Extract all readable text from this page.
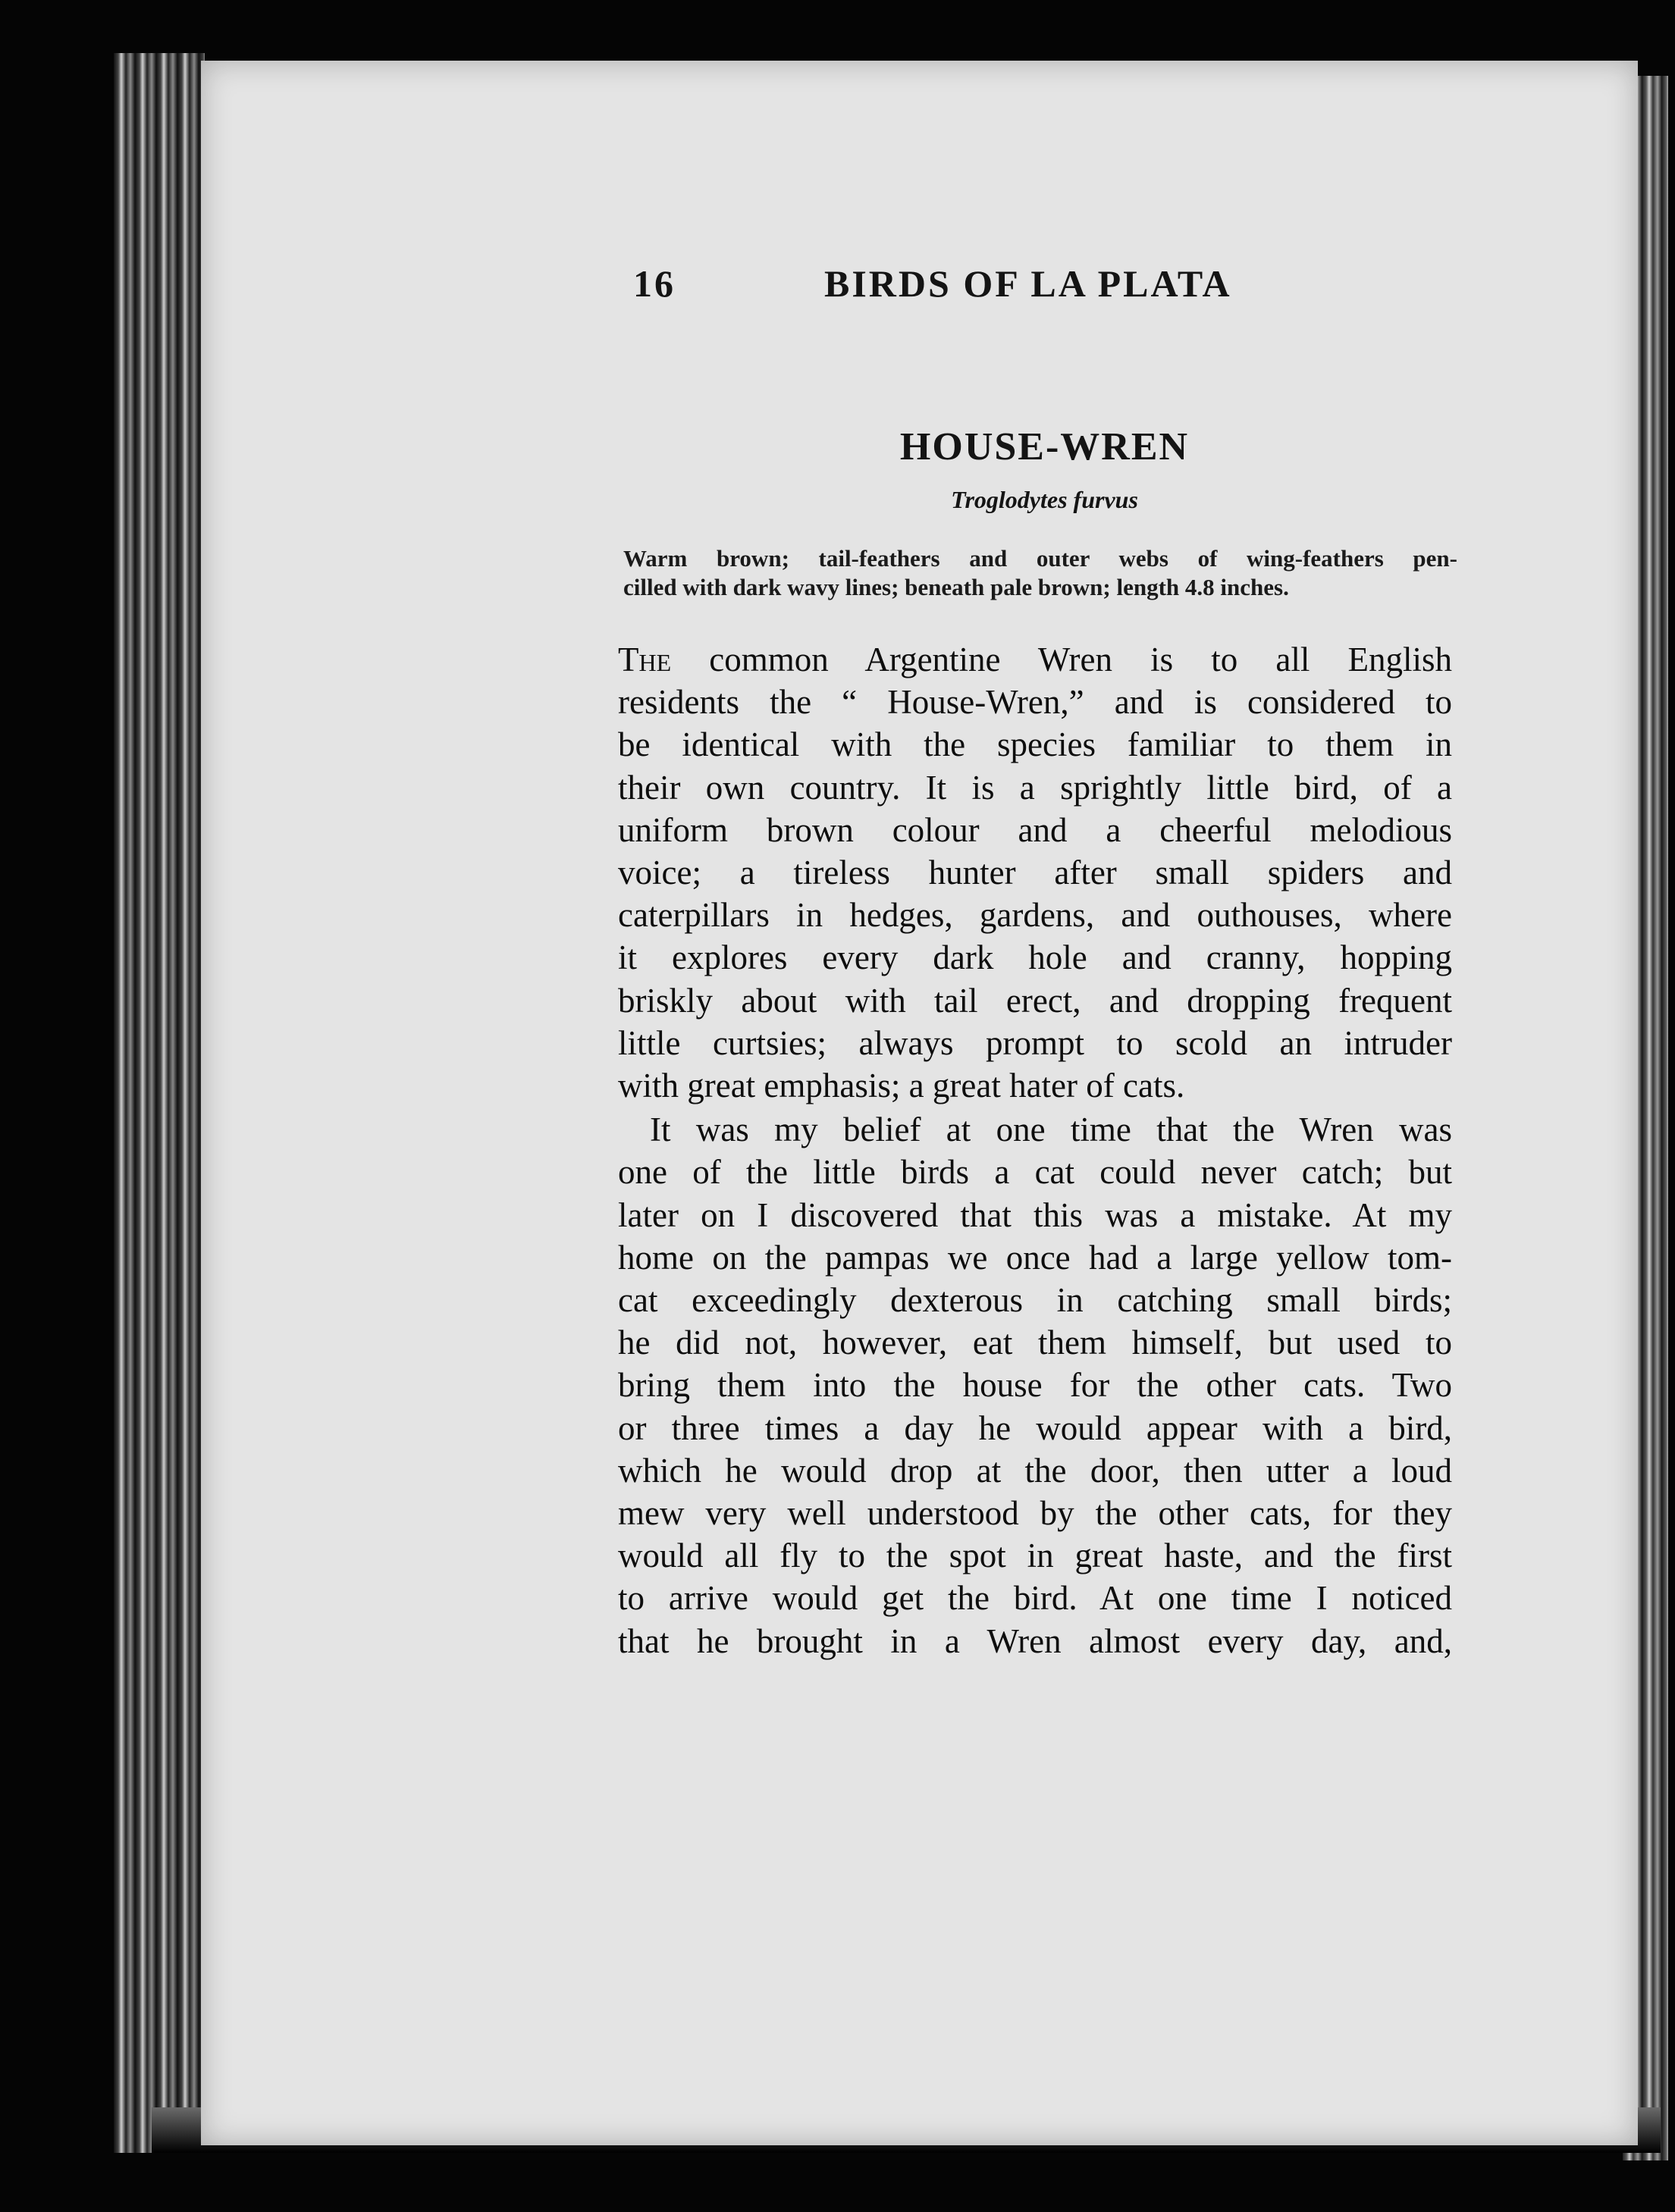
16	BIRDS OF LA PLATA
HOUSE-WREN
Troglodytes furvus
Warm brown; tail-feathers and outer webs of wing-feathers pen-
cilled with dark wavy lines; beneath pale brown; length 4.8 inches.
The common Argentine Wren is to all English
residents the “ House-Wren,” and is considered to
be identical with the species familiar to them in
their own country. It is a sprightly little bird, of a
uniform brown colour and a cheerful melodious
voice; a tireless hunter after small spiders and
caterpillars in hedges, gardens, and outhouses, where
it explores every dark hole and cranny, hopping
briskly about with tail erect, and dropping frequent
little curtsies; always prompt to scold an intruder
with great emphasis; a great hater of cats.
It was my belief at one time that the Wren was
one of the little birds a cat could never catch; but
later on I discovered that this was a mistake. At my
home on the pampas we once had a large yellow tom-
cat exceedingly dexterous in catching small birds;
he did not, however, eat them himself, but used to
bring them into the house for the other cats. Two
or three times a day he would appear with a bird,
which he would drop at the door, then utter a loud
mew very well understood by the other cats, for they
would all fly to the spot in great haste, and the first
to arrive would get the bird. At one time I noticed
that he brought in a Wren almost every day, and,
